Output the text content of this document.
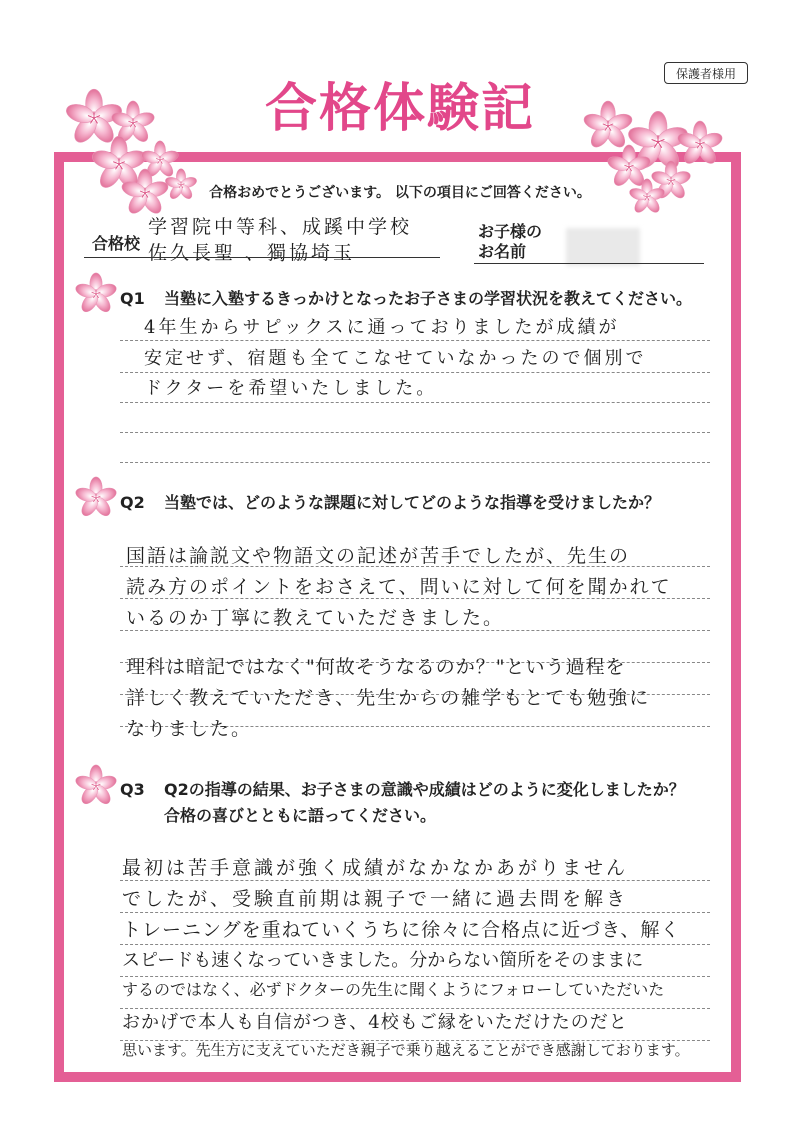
保護者様用
合格体験記
合格おめでとうございます。 以下の項目にご回答ください。
合格校
学習院中等科、成蹊中学校
佐久長聖 、獨協埼玉
お子様の
お名前
Q1 当塾に入塾するきっかけとなったお子さまの学習状況を教えてください。
4年生からサピックスに通っておりましたが成績が
安定せず、宿題も全てこなせていなかったので個別で
ドクターを希望いたしました。
Q2 当塾では、どのような課題に対してどのような指導を受けましたか？
国語は論説文や物語文の記述が苦手でしたが、先生の
読み方のポイントをおさえて、問いに対して何を聞かれて
いるのか丁寧に教えていただきました。
理科は暗記ではなく"何故そうなるのか？"という過程を
詳しく教えていただき、先生からの雑学もとても勉強に
なりました。
Q3 Q2の指導の結果、お子さまの意識や成績はどのように変化しましたか？
合格の喜びとともに語ってください。
最初は苦手意識が強く成績がなかなかあがりません
でしたが、受験直前期は親子で一緒に過去問を解き
トレーニングを重ねていくうちに徐々に合格点に近づき、解く
スピードも速くなっていきました。分からない箇所をそのままに
するのではなく、必ずドクターの先生に聞くようにフォローしていただいた
おかげで本人も自信がつき、4校もご縁をいただけたのだと
思います。先生方に支えていただき親子で乗り越えることができ感謝しております。
